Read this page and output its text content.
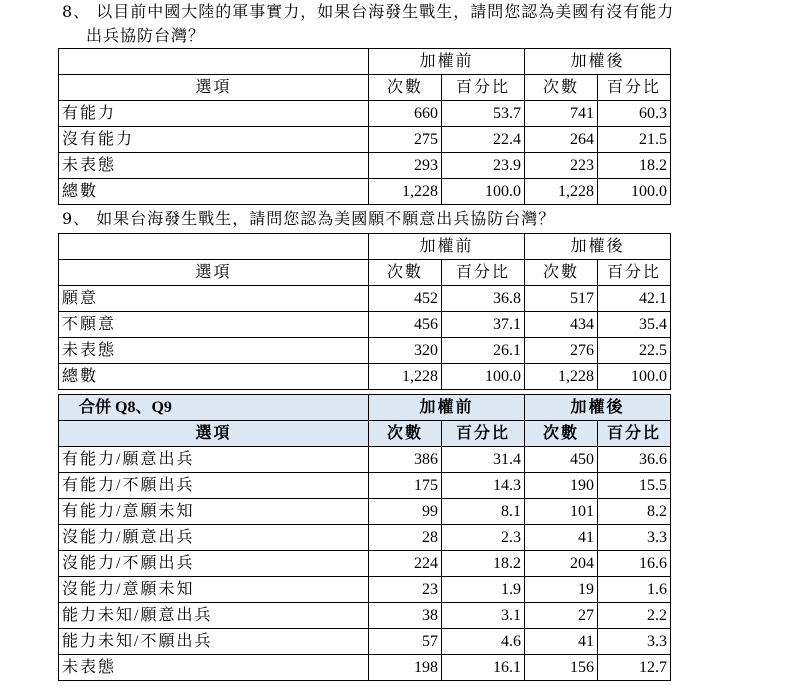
8、 以目前中國大陸的軍事實力，如果台海發生戰生，請問您認為美國有沒有能力
出兵協防台灣？
	加權前		加權後	
選項	次數	百分比	次數	百分比
有能力	660	53.7	741	60.3
沒有能力	275	22.4	264	21.5
未表態	293	23.9	223	18.2
總數	1,228	100.0	1,228	100.0
9、 如果台海發生戰生，請問您認為美國願不願意出兵協防台灣？
	加權前		加權後	
選項	次數	百分比	次數	百分比
願意	452	36.8	517	42.1
不願意	456	37.1	434	35.4
未表態	320	26.1	276	22.5
總數	1,228	100.0	1,228	100.0
合併 Q8、Q9	加權前		加權後	
選項	次數	百分比	次數	百分比
有能力/願意出兵	386	31.4	450	36.6
有能力/不願出兵	175	14.3	190	15.5
有能力/意願未知	99	8.1	101	8.2
沒能力/願意出兵	28	2.3	41	3.3
沒能力/不願出兵	224	18.2	204	16.6
沒能力/意願未知	23	1.9	19	1.6
能力未知/願意出兵	38	3.1	27	2.2
能力未知/不願出兵	57	4.6	41	3.3
未表態	198	16.1	156	12.7
